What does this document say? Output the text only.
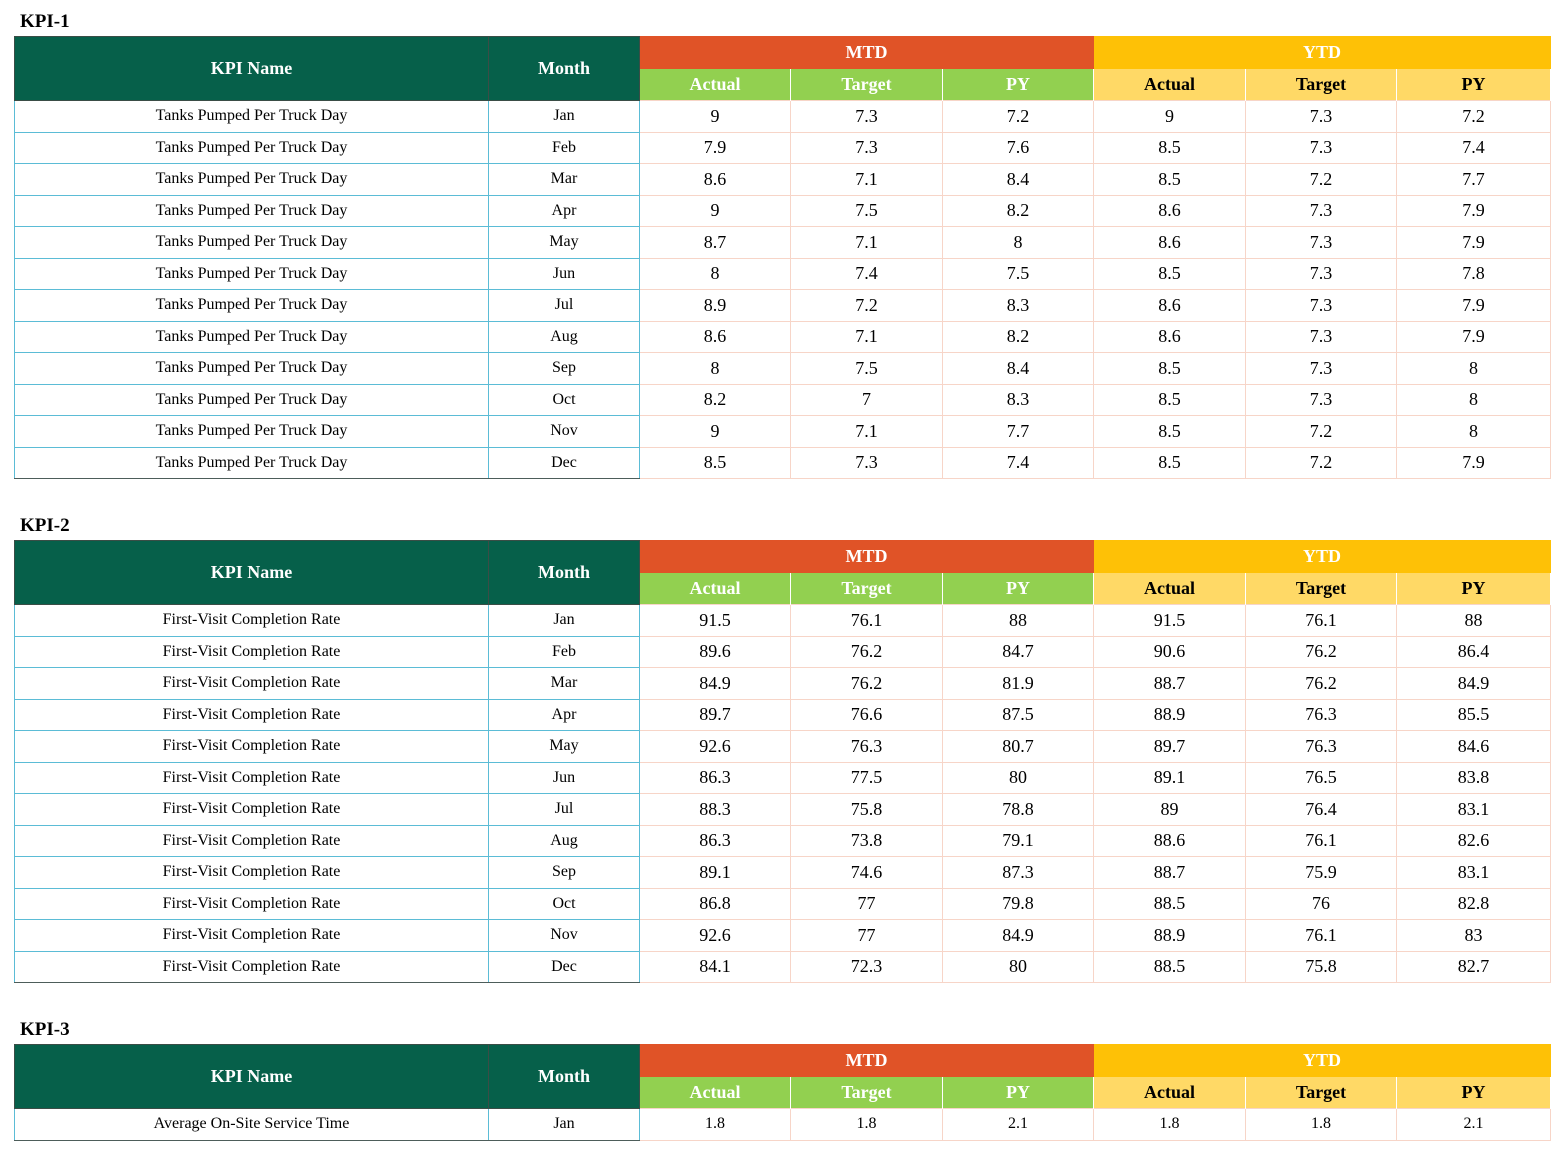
KPI-1
KPI Name	Month	MTD			YTD		
		Actual	Target	PY	Actual	Target	PY
Tanks Pumped Per Truck Day	Jan	9	7.3	7.2	9	7.3	7.2
Tanks Pumped Per Truck Day	Feb	7.9	7.3	7.6	8.5	7.3	7.4
Tanks Pumped Per Truck Day	Mar	8.6	7.1	8.4	8.5	7.2	7.7
Tanks Pumped Per Truck Day	Apr	9	7.5	8.2	8.6	7.3	7.9
Tanks Pumped Per Truck Day	May	8.7	7.1	8	8.6	7.3	7.9
Tanks Pumped Per Truck Day	Jun	8	7.4	7.5	8.5	7.3	7.8
Tanks Pumped Per Truck Day	Jul	8.9	7.2	8.3	8.6	7.3	7.9
Tanks Pumped Per Truck Day	Aug	8.6	7.1	8.2	8.6	7.3	7.9
Tanks Pumped Per Truck Day	Sep	8	7.5	8.4	8.5	7.3	8
Tanks Pumped Per Truck Day	Oct	8.2	7	8.3	8.5	7.3	8
Tanks Pumped Per Truck Day	Nov	9	7.1	7.7	8.5	7.2	8
Tanks Pumped Per Truck Day	Dec	8.5	7.3	7.4	8.5	7.2	7.9
KPI-2
KPI Name	Month	MTD			YTD		
		Actual	Target	PY	Actual	Target	PY
First-Visit Completion Rate	Jan	91.5	76.1	88	91.5	76.1	88
First-Visit Completion Rate	Feb	89.6	76.2	84.7	90.6	76.2	86.4
First-Visit Completion Rate	Mar	84.9	76.2	81.9	88.7	76.2	84.9
First-Visit Completion Rate	Apr	89.7	76.6	87.5	88.9	76.3	85.5
First-Visit Completion Rate	May	92.6	76.3	80.7	89.7	76.3	84.6
First-Visit Completion Rate	Jun	86.3	77.5	80	89.1	76.5	83.8
First-Visit Completion Rate	Jul	88.3	75.8	78.8	89	76.4	83.1
First-Visit Completion Rate	Aug	86.3	73.8	79.1	88.6	76.1	82.6
First-Visit Completion Rate	Sep	89.1	74.6	87.3	88.7	75.9	83.1
First-Visit Completion Rate	Oct	86.8	77	79.8	88.5	76	82.8
First-Visit Completion Rate	Nov	92.6	77	84.9	88.9	76.1	83
First-Visit Completion Rate	Dec	84.1	72.3	80	88.5	75.8	82.7
KPI-3
KPI Name	Month	MTD			YTD		
		Actual	Target	PY	Actual	Target	PY
Average On-Site Service Time	Jan	1.8	1.8	2.1	1.8	1.8	2.1
